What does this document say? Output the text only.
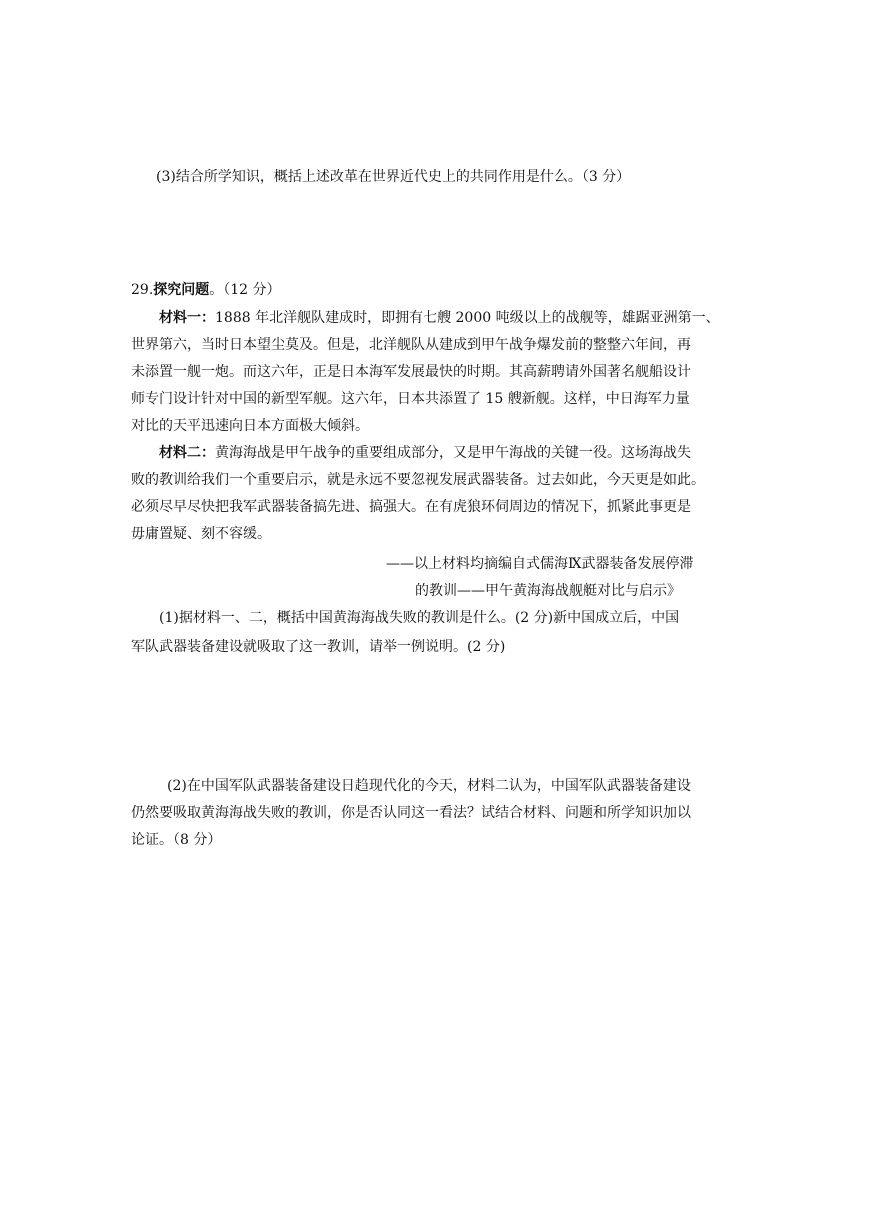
(3)结合所学知识，概括上述改革在世界近代史上的共同作用是什么。（3 分）
29.探究问题。（12 分）
材料一：1888 年北洋舰队建成时，即拥有七艘 2000 吨级以上的战舰等，雄踞亚洲第一、
世界第六，当时日本望尘莫及。但是，北洋舰队从建成到甲午战争爆发前的整整六年间，再
未添置一舰一炮。而这六年，正是日本海军发展最快的时期。其高薪聘请外国著名舰船设计
师专门设计针对中国的新型军舰。这六年，日本共添置了 15 艘新舰。这样，中日海军力量
对比的天平迅速向日本方面极大倾斜。
材料二：黄海海战是甲午战争的重要组成部分，又是甲午海战的关键一役。这场海战失
败的教训给我们一个重要启示，就是永远不要忽视发展武器装备。过去如此，今天更是如此。
必须尽早尽快把我军武器装备搞先进、搞强大。在有虎狼环伺周边的情况下，抓紧此事更是
毋庸置疑、刻不容缓。
——以上材料均摘编自式儒海Ⅸ武器装备发展停滞
的教训——甲午黄海海战舰艇对比与启示》
(1)据材料一、二，概括中国黄海海战失败的教训是什么。(2 分)新中国成立后，中国
军队武器装备建设就吸取了这一教训，请举一例说明。(2 分)
(2)在中国军队武器装备建设日趋现代化的今天，材料二认为，中国军队武器装备建设
仍然要吸取黄海海战失败的教训，你是否认同这一看法？试结合材料、问题和所学知识加以
论证。（8 分）
